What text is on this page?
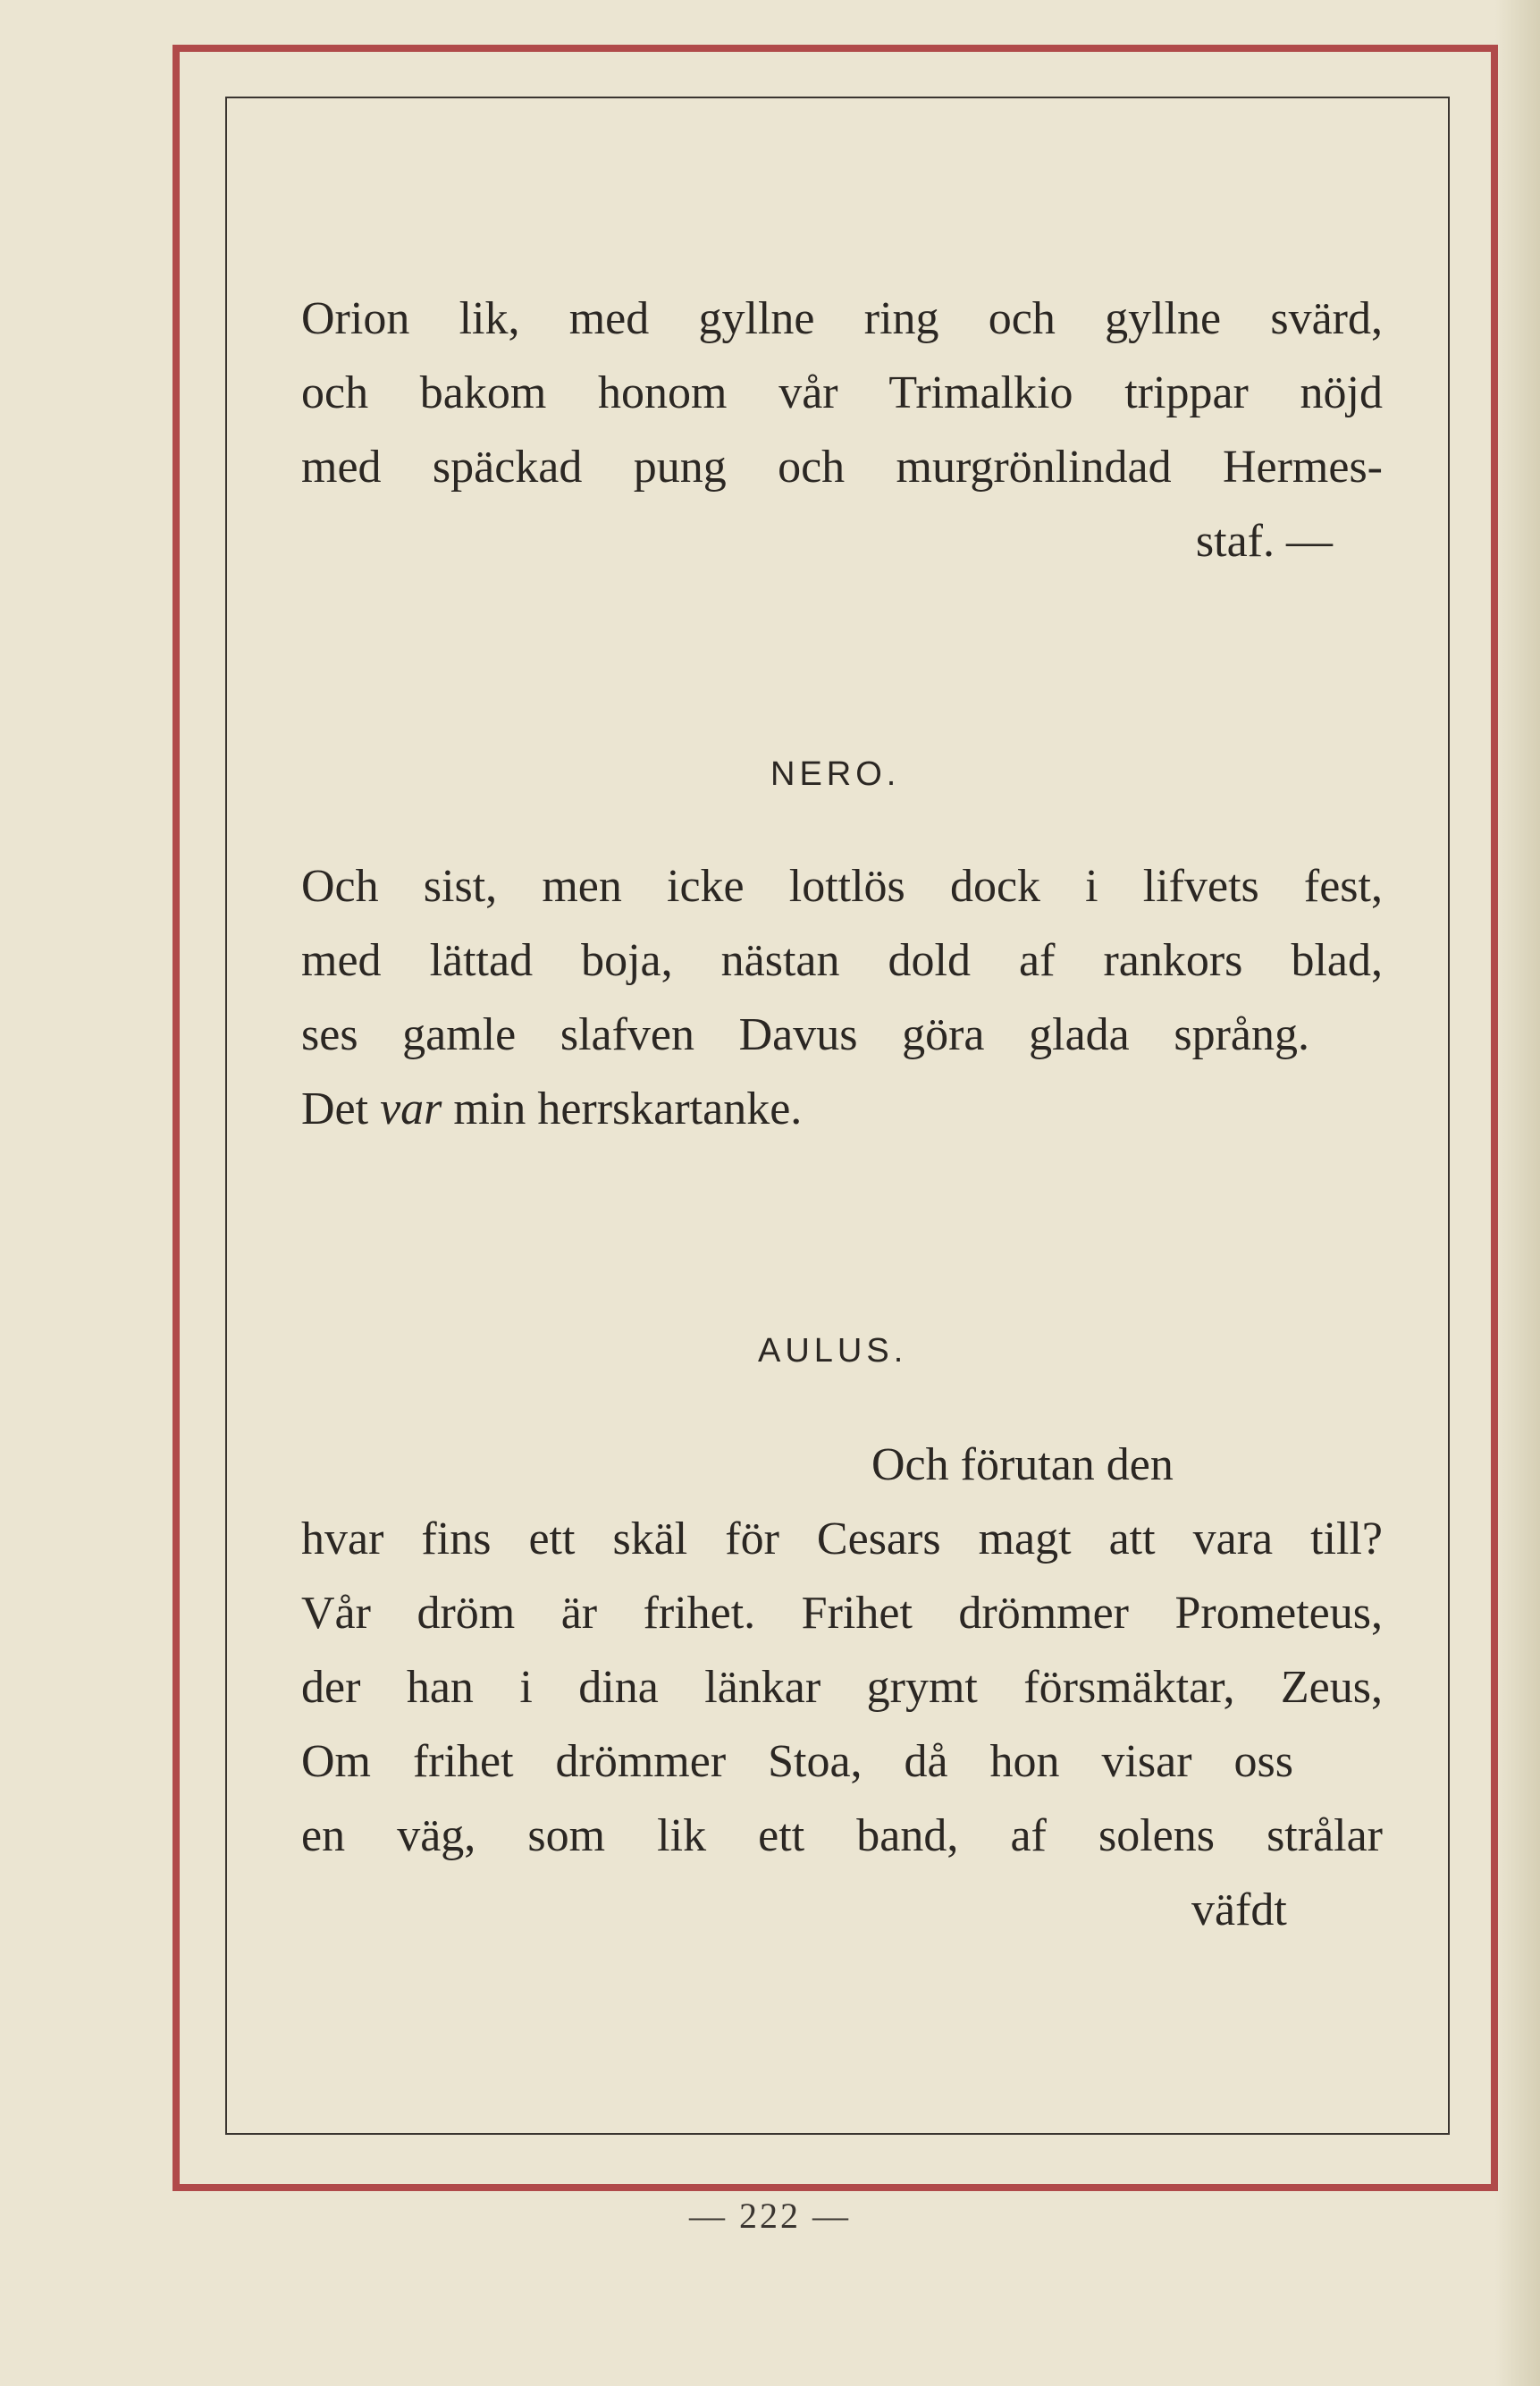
Orion lik, med gyllne ring och gyllne svärd,
och bakom honom vår Trimalkio trippar nöjd
med späckad pung och murgrönlindad Hermes-
staf. —
NERO.
Och sist, men icke lottlös dock i lifvets fest,
med lättad boja, nästan dold af rankors blad,
ses gamle slafven Davus göra glada språng.
Det var min herrskartanke.
AULUS.
Och förutan den
hvar fins ett skäl för Cesars magt att vara till?
Vår dröm är frihet. Frihet drömmer Prometeus,
der han i dina länkar grymt försmäktar, Zeus,
Om frihet drömmer Stoa, då hon visar oss
en väg, som lik ett band, af solens strålar
väfdt
— 222 —
